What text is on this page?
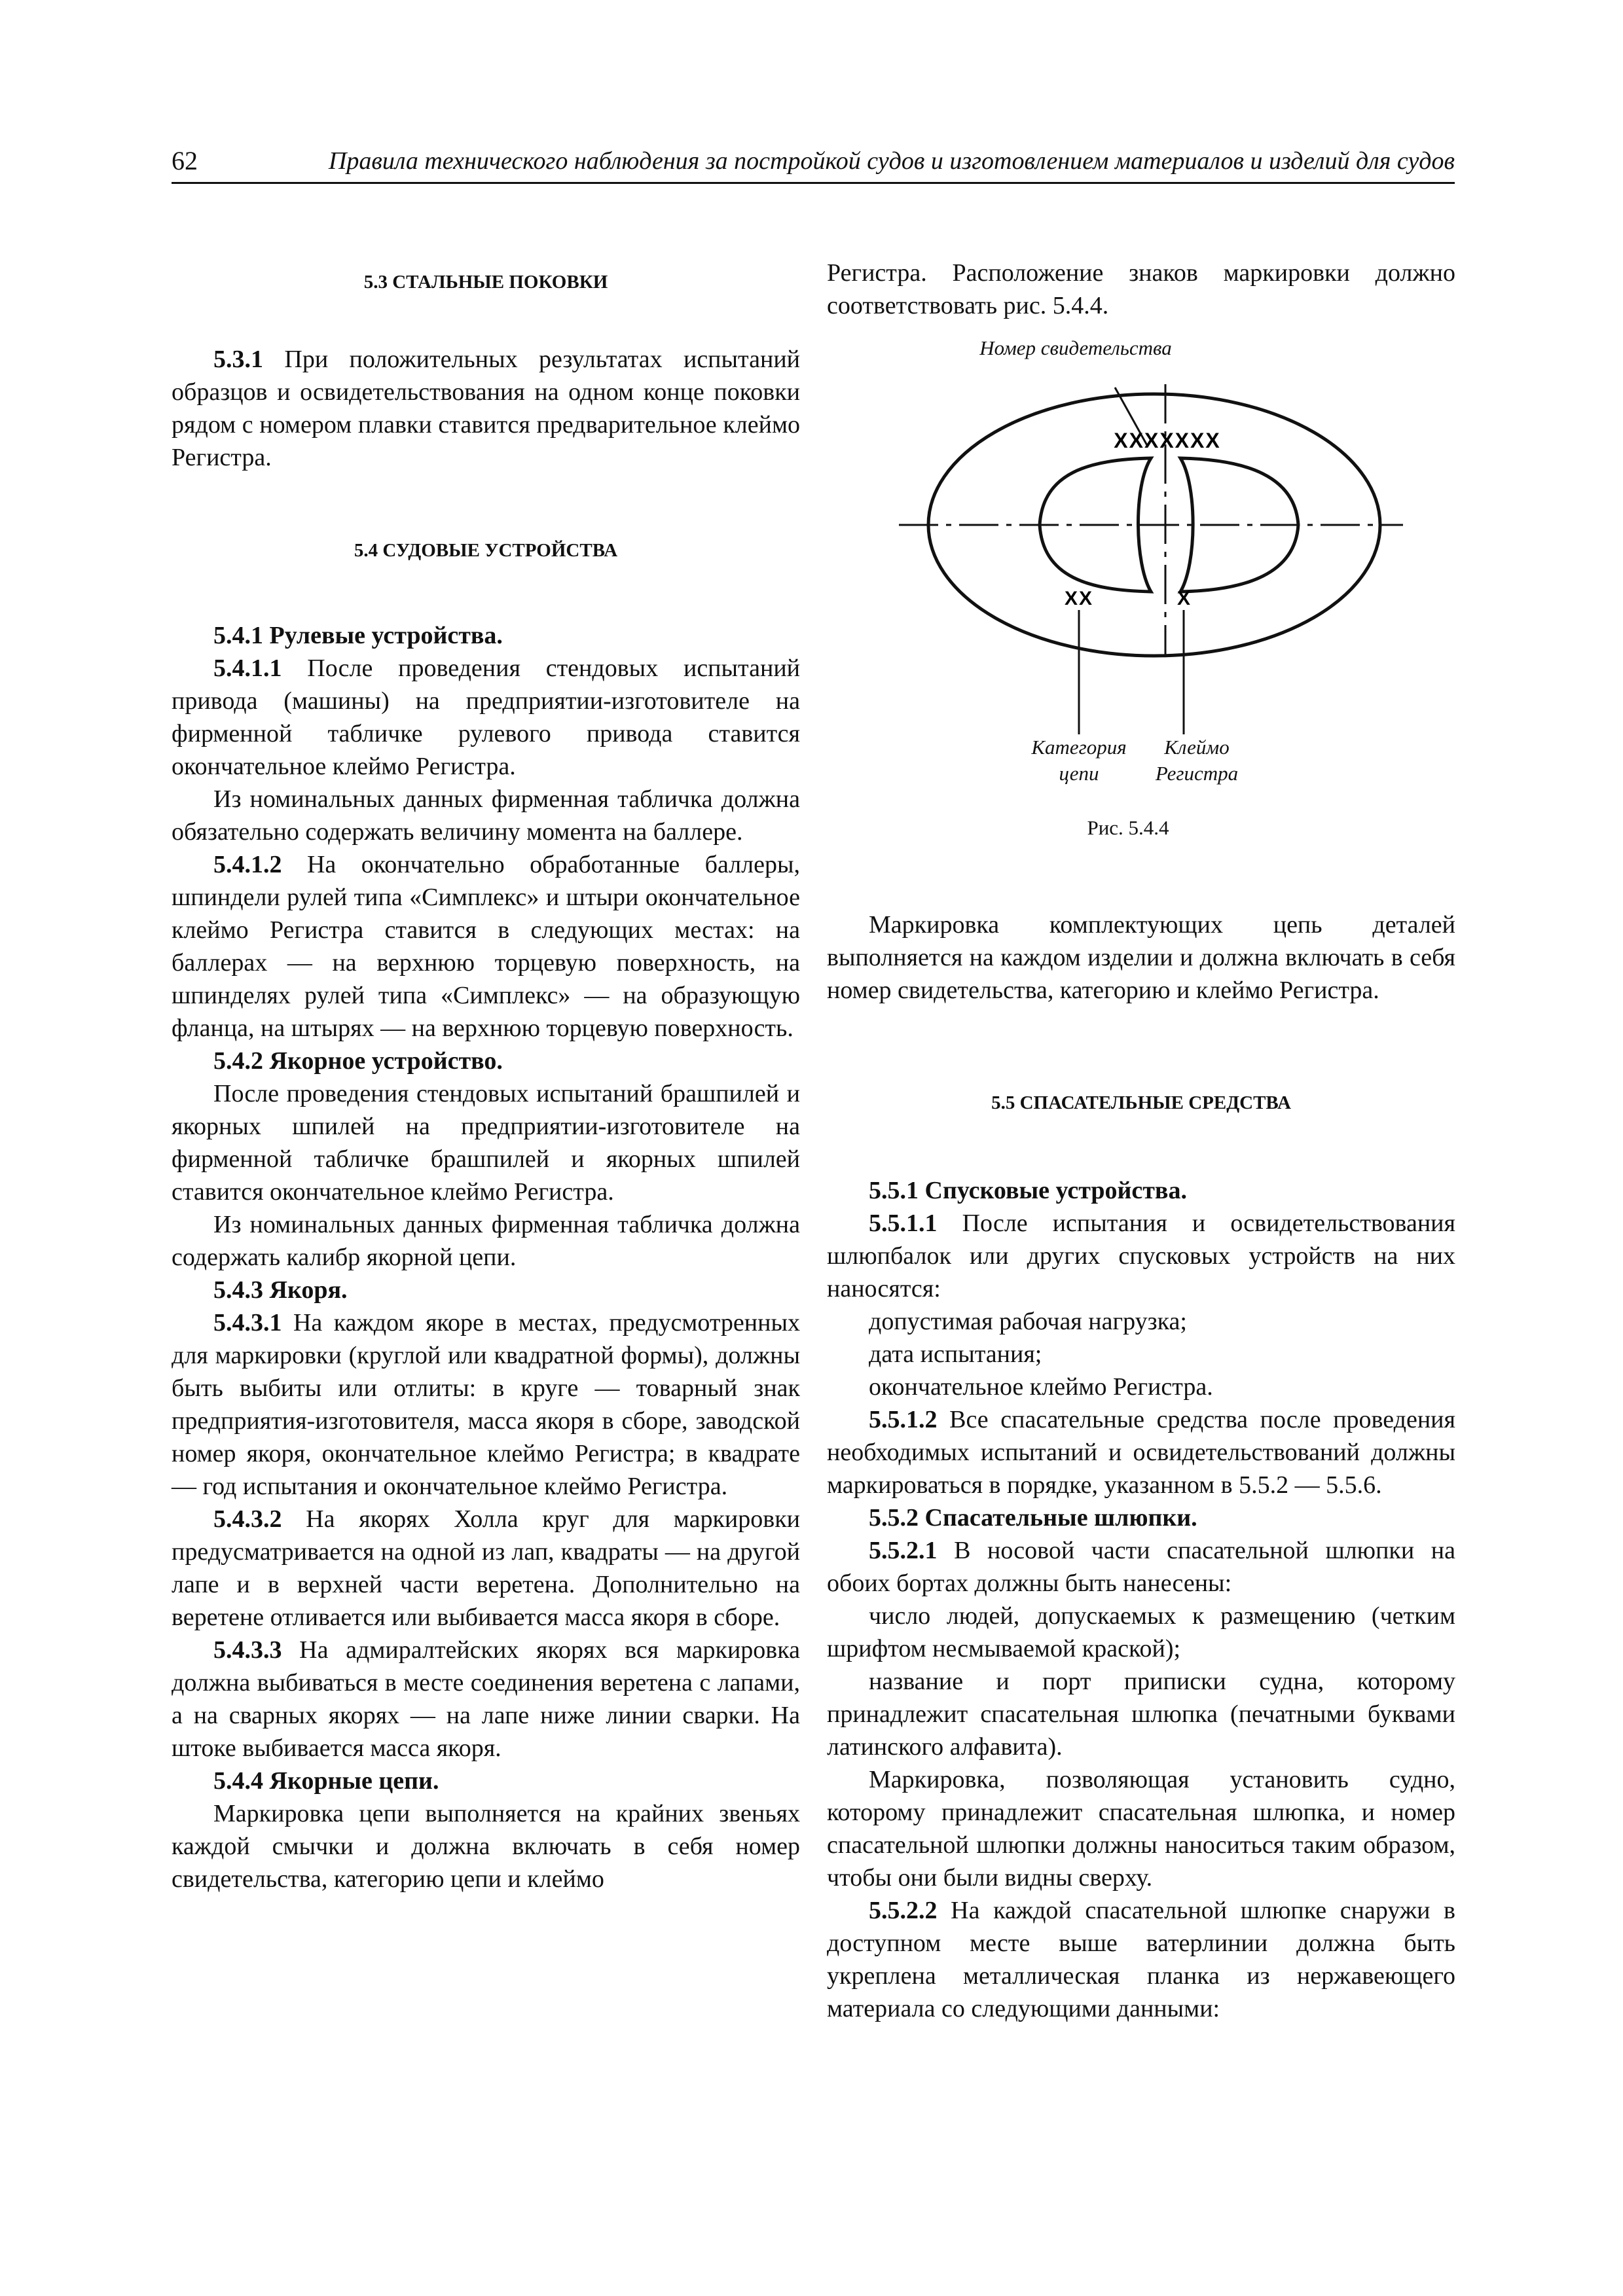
62	Правила технического наблюдения за постройкой судов и изготовлением материалов и изделий для судов
5.3 СТАЛЬНЫЕ ПОКОВКИ

5.3.1 При положительных результатах испытаний образцов и освидетельствования на одном конце поковки рядом с номером плавки ставится предварительное клеймо Регистра.

5.4 СУДОВЫЕ УСТРОЙСТВА

5.4.1 Рулевые устройства.

5.4.1.1 После проведения стендовых испытаний привода (машины) на предприятии-изготовителе на фирменной табличке рулевого привода ставится окончательное клеймо Регистра.

Из номинальных данных фирменная табличка должна обязательно содержать величину момента на баллере.

5.4.1.2 На окончательно обработанные баллеры, шпиндели рулей типа «Симплекс» и штыри окончательное клеймо Регистра ставится в следующих местах: на баллерах — на верхнюю торцевую поверхность, на шпинделях рулей типа «Симплекс» — на образующую фланца, на штырях — на верхнюю торцевую поверхность.

5.4.2 Якорное устройство.

После проведения стендовых испытаний брашпилей и якорных шпилей на предприятии-изготовителе на фирменной табличке брашпилей и якорных шпилей ставится окончательное клеймо Регистра.

Из номинальных данных фирменная табличка должна содержать калибр якорной цепи.

5.4.3 Якоря.

5.4.3.1 На каждом якоре в местах, предусмотренных для маркировки (круглой или квадратной формы), должны быть выбиты или отлиты: в круге — товарный знак предприятия-изготовителя, масса якоря в сборе, заводской номер якоря, окончательное клеймо Регистра; в квадрате — год испытания и окончательное клеймо Регистра.

5.4.3.2 На якорях Холла круг для маркировки предусматривается на одной из лап, квадраты — на другой лапе и в верхней части веретена. Дополнительно на веретене отливается или выбивается масса якоря в сборе.

5.4.3.3 На адмиралтейских якорях вся маркировка должна выбиваться в месте соединения веретена с лапами, а на сварных якорях — на лапе ниже линии сварки. На штоке выбивается масса якоря.

5.4.4 Якорные цепи.

Маркировка цепи выполняется на крайних звеньях каждой смычки и должна включать в себя номер свидетельства, категорию цепи и клеймо

Регистра. Расположение знаков маркировки должно соответствовать рис. 5.4.4.

XXXXXXX
XX	X
Номер свидетельства
Категория
цепи
Клеймо
Регистра
Рис. 5.4.4

Маркировка комплектующих цепь деталей выполняется на каждом изделии и должна включать в себя номер свидетельства, категорию и клеймо Регистра.

5.5 СПАСАТЕЛЬНЫЕ СРЕДСТВА

5.5.1 Спусковые устройства.

5.5.1.1 После испытания и освидетельствования шлюпбалок или других спусковых устройств на них наносятся:

допустимая рабочая нагрузка;

дата испытания;

окончательное клеймо Регистра.

5.5.1.2 Все спасательные средства после проведения необходимых испытаний и освидетельствований должны маркироваться в порядке, указанном в 5.5.2 — 5.5.6.

5.5.2 Спасательные шлюпки.

5.5.2.1 В носовой части спасательной шлюпки на обоих бортах должны быть нанесены:

число людей, допускаемых к размещению (четким шрифтом несмываемой краской);

название и порт приписки судна, которому принадлежит спасательная шлюпка (печатными буквами латинского алфавита).

Маркировка, позволяющая установить судно, которому принадлежит спасательная шлюпка, и номер спасательной шлюпки должны наноситься таким образом, чтобы они были видны сверху.

5.5.2.2 На каждой спасательной шлюпке снаружи в доступном месте выше ватерлинии должна быть укреплена металлическая планка из нержавеющего материала со следующими данными:
